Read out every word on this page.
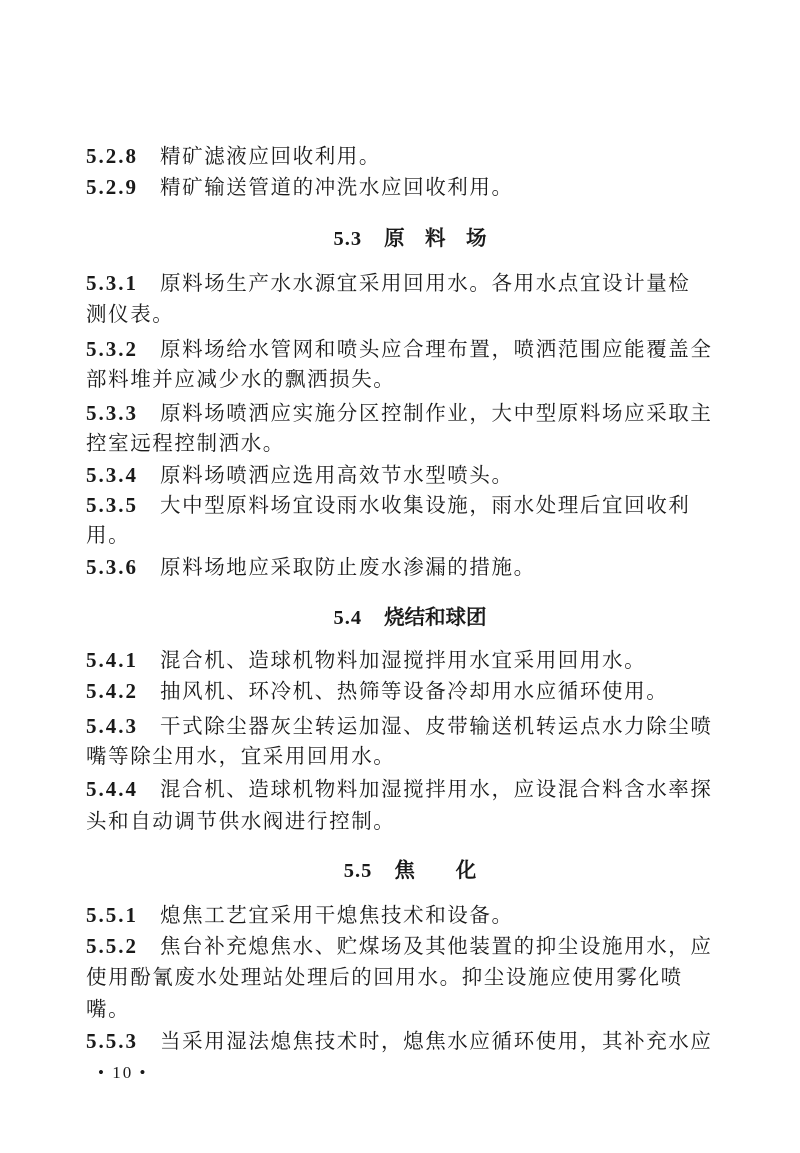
5.2.8 精矿滤液应回收利用。
5.2.9 精矿输送管道的冲洗水应回收利用。
5.3 原　料　场
5.3.1 原料场生产水水源宜采用回用水。各用水点宜设计量检
测仪表。
5.3.2 原料场给水管网和喷头应合理布置，喷洒范围应能覆盖全
部料堆并应减少水的飘洒损失。
5.3.3 原料场喷洒应实施分区控制作业，大中型原料场应采取主
控室远程控制洒水。
5.3.4 原料场喷洒应选用高效节水型喷头。
5.3.5 大中型原料场宜设雨水收集设施，雨水处理后宜回收利
用。
5.3.6 原料场地应采取防止废水渗漏的措施。
5.4 烧结和球团
5.4.1 混合机、造球机物料加湿搅拌用水宜采用回用水。
5.4.2 抽风机、环冷机、热筛等设备冷却用水应循环使用。
5.4.3 干式除尘器灰尘转运加湿、皮带输送机转运点水力除尘喷
嘴等除尘用水，宜采用回用水。
5.4.4 混合机、造球机物料加湿搅拌用水，应设混合料含水率探
头和自动调节供水阀进行控制。
5.5 焦　　化
5.5.1 熄焦工艺宜采用干熄焦技术和设备。
5.5.2 焦台补充熄焦水、贮煤场及其他装置的抑尘设施用水，应
使用酚氰废水处理站处理后的回用水。抑尘设施应使用雾化喷
嘴。
5.5.3 当采用湿法熄焦技术时，熄焦水应循环使用，其补充水应
• 10 •
